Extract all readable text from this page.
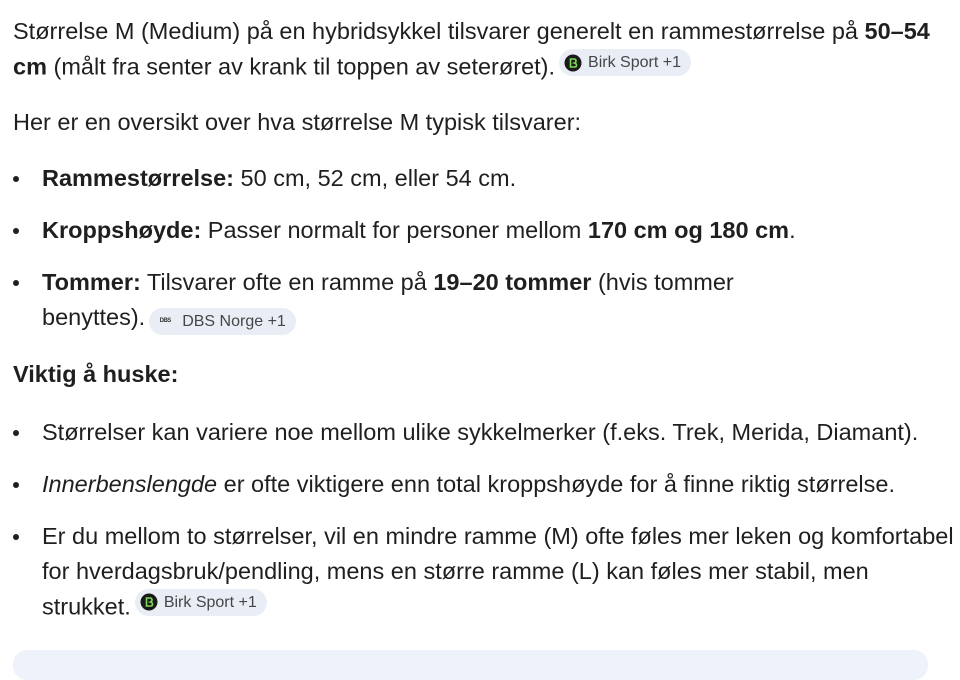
Størrelse M (Medium) på en hybridsykkel tilsvarer generelt en rammestørrelse på 50–54 cm (målt fra senter av krank til toppen av seterøret). Birk Sport +1

Her er en oversikt over hva størrelse M typisk tilsvarer:

Rammestørrelse: 50 cm, 52 cm, eller 54 cm.
Kroppshøyde: Passer normalt for personer mellom 170 cm og 180 cm.
Tommer: Tilsvarer ofte en ramme på 19–20 tommer (hvis tommer benyttes).	DBS DBS Norge +1
Viktig å huske:
Størrelser kan variere noe mellom ulike sykkelmerker (f.eks. Trek, Merida, Diamant).
Innerbenslengde er ofte viktigere enn total kroppshøyde for å finne riktig størrelse.
Er du mellom to størrelser, vil en mindre ramme (M) ofte føles mer leken og komfortabel for hverdagsbruk/pendling, mens en større ramme (L) kan føles mer stabil, men strukket. Birk Sport +1
